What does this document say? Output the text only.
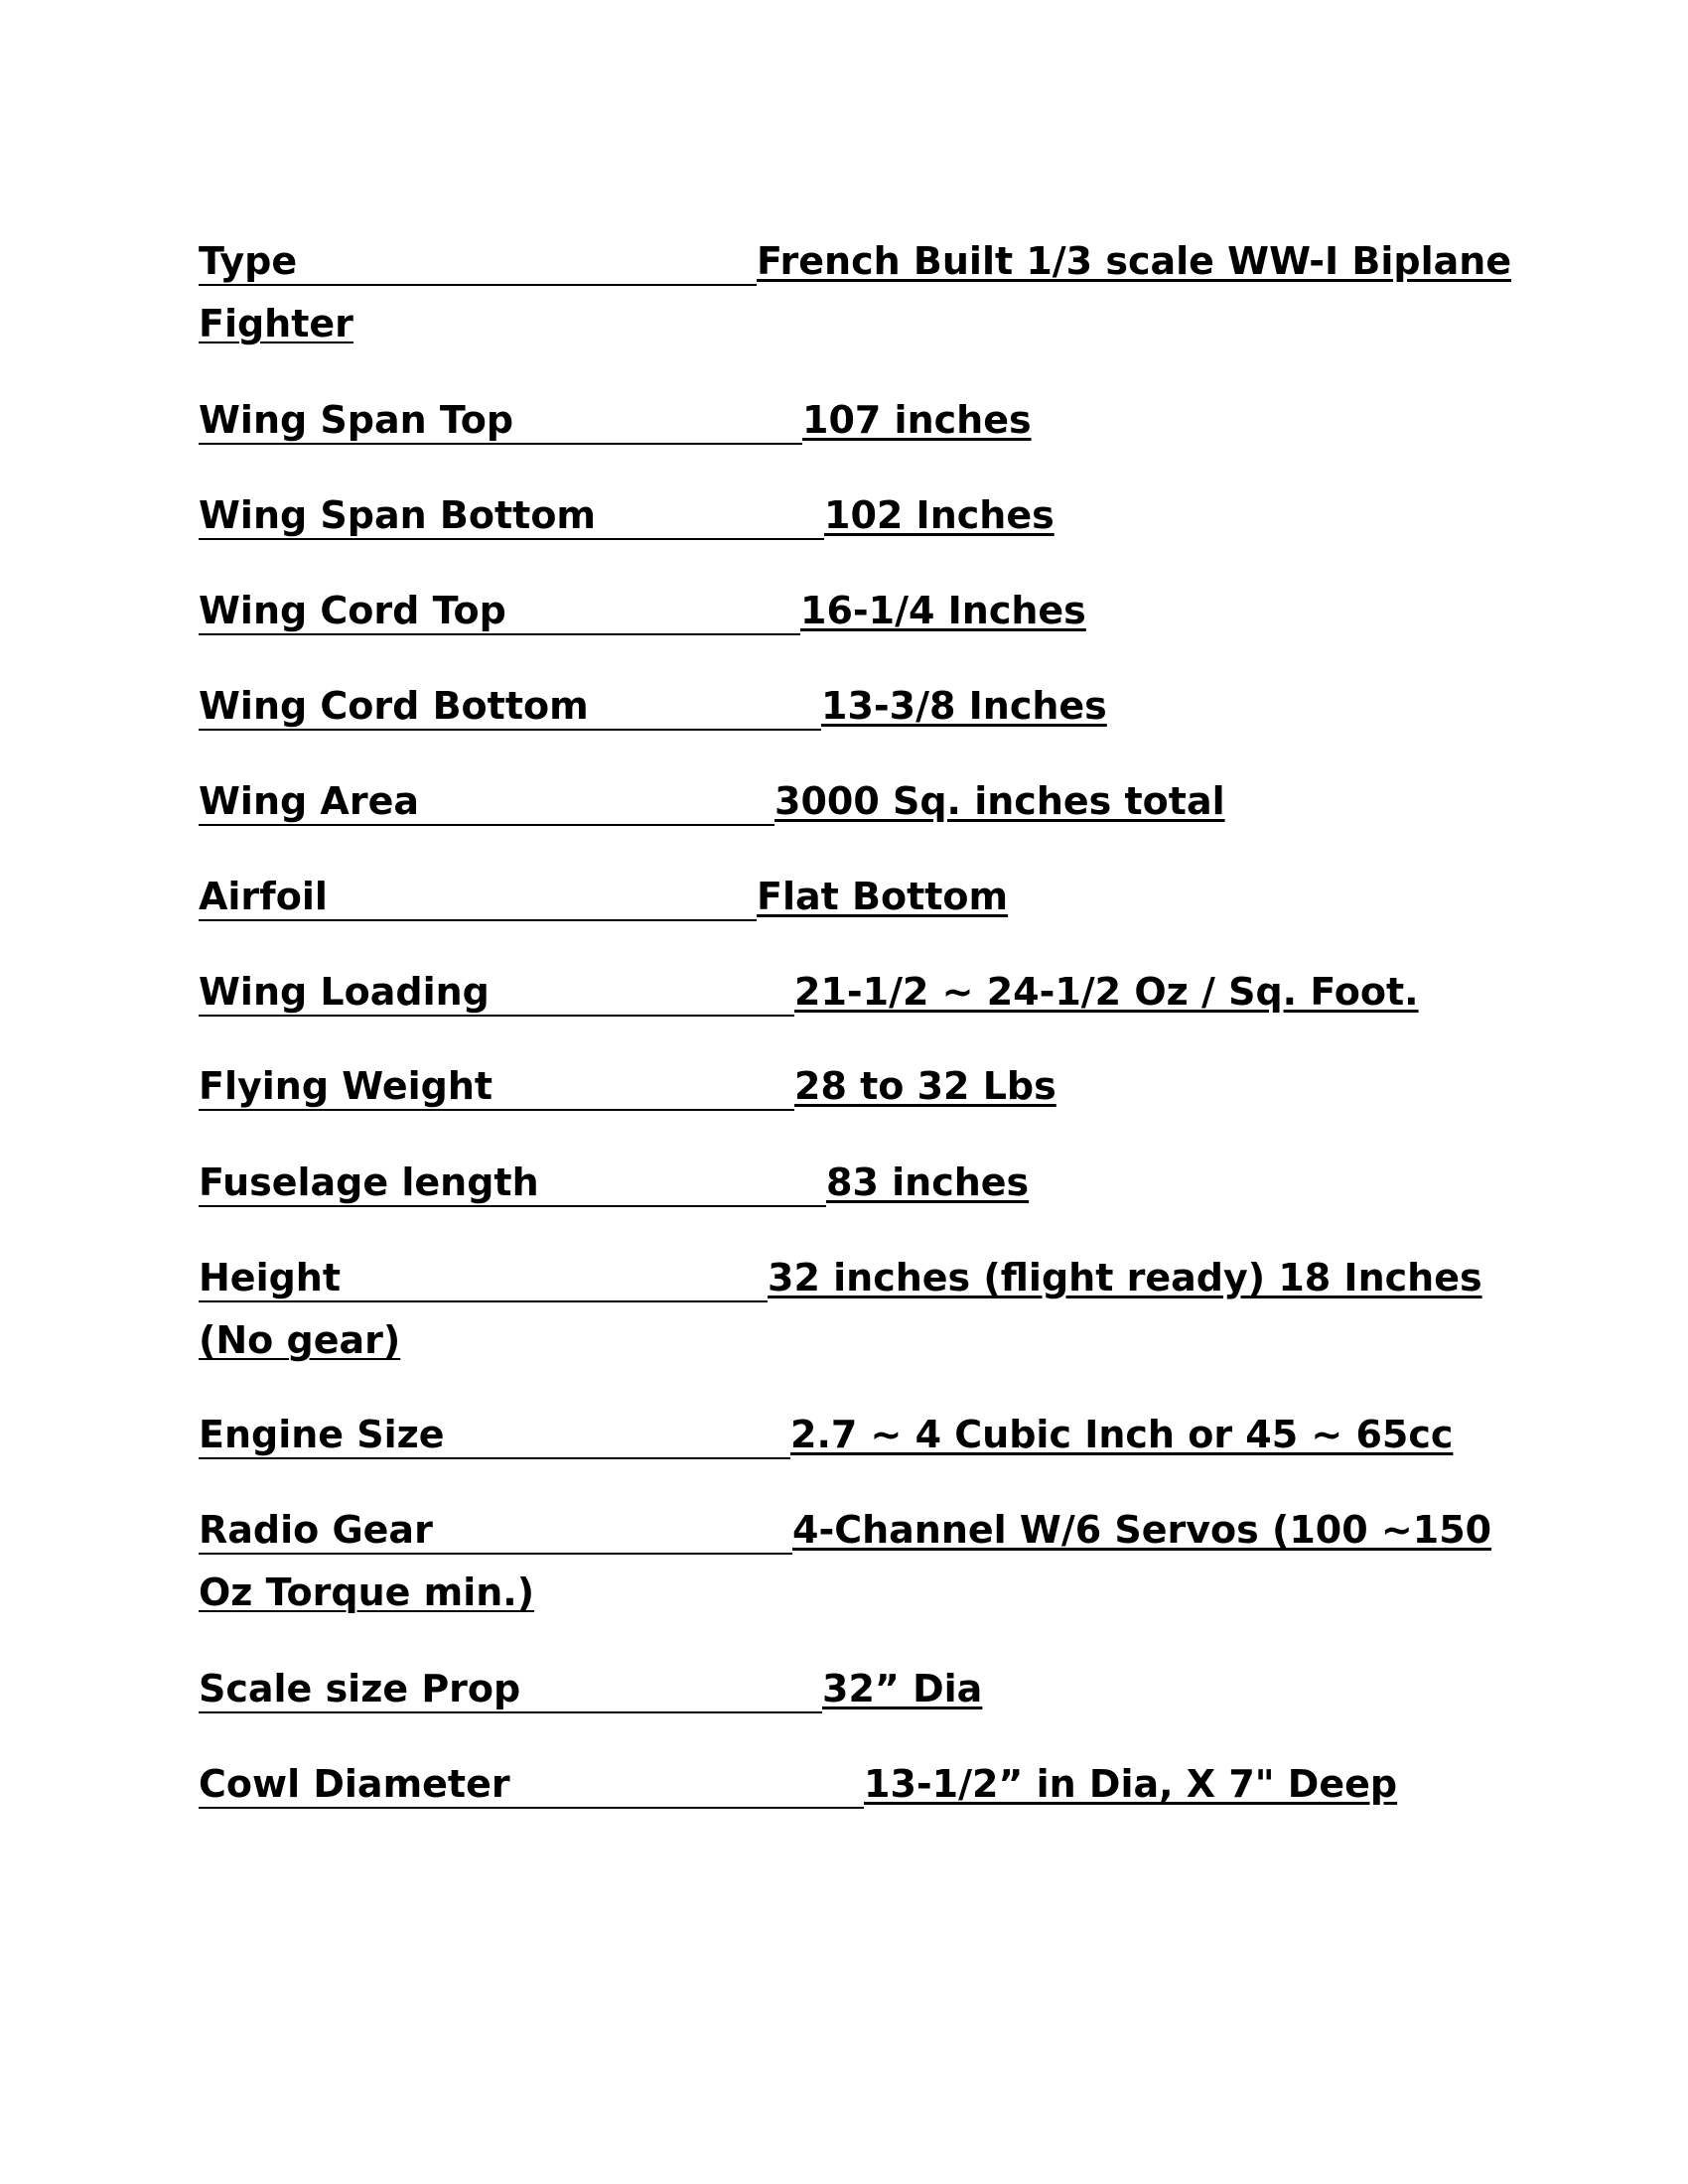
Type	French Built 1/3 scale WW-I Biplane
Fighter
Wing Span Top	107 inches
Wing Span Bottom	102 Inches
Wing Cord Top	16-1/4 Inches
Wing Cord Bottom	13-3/8 Inches
Wing Area	3000 Sq. inches total
Airfoil	Flat Bottom
Wing Loading	21-1/2 ~ 24-1/2 Oz / Sq. Foot.
Flying Weight	28 to 32 Lbs
Fuselage length	83 inches
Height	32 inches (flight ready) 18 Inches
(No gear)
Engine Size	2.7 ~ 4 Cubic Inch or 45 ~ 65cc
Radio Gear	4-Channel W/6 Servos (100 ~150
Oz Torque min.)
Scale size Prop	32” Dia
Cowl Diameter	13-1/2” in Dia, X 7" Deep
